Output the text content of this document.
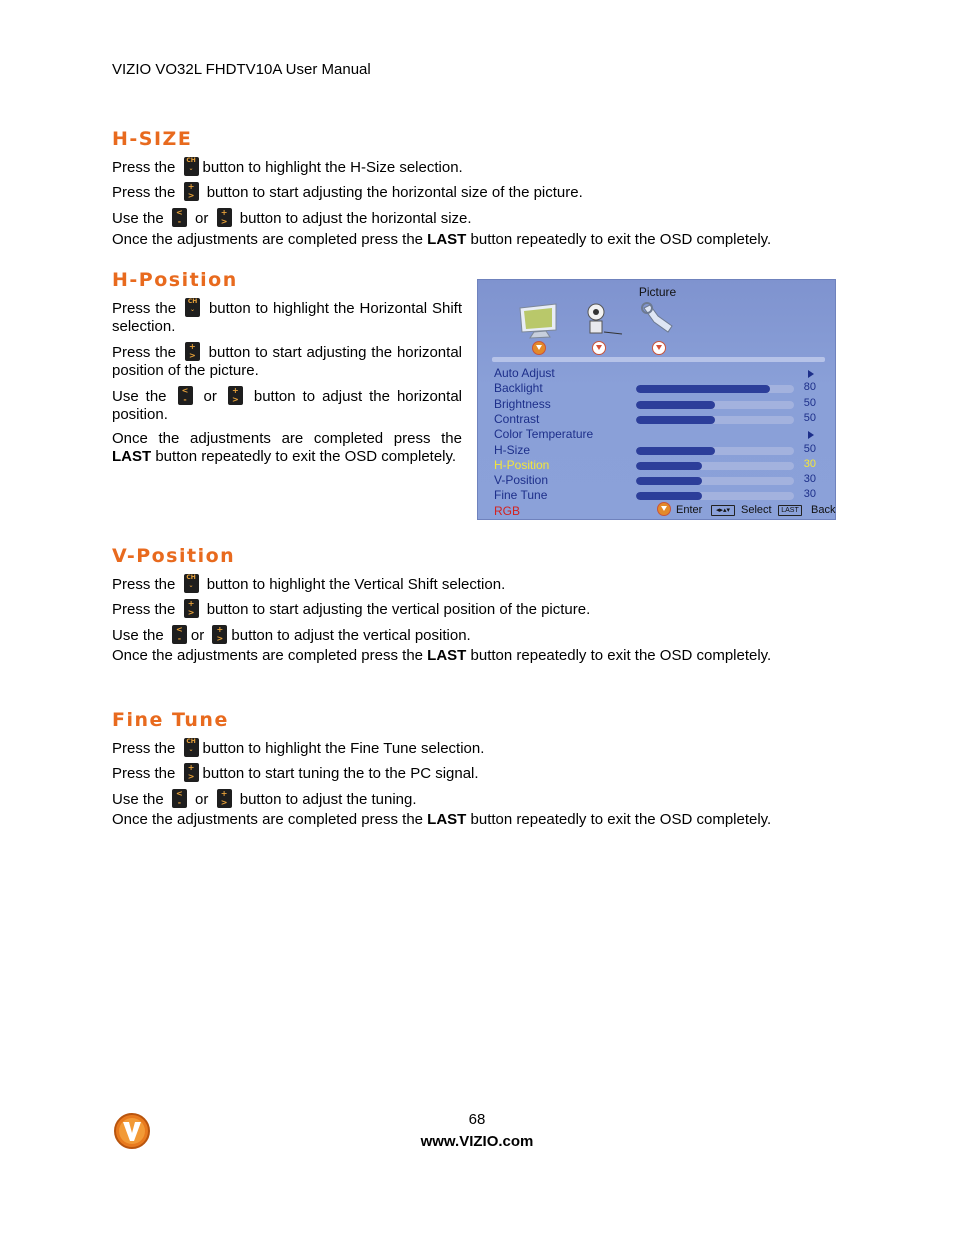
VIZIO VO32L FHDTV10A User Manual
H-SIZE
Press the	CH
⌄ button to highlight the H-Size selection.
Press the	+
> button to start adjusting the horizontal size of the picture.
Use the	<
- or	+
> button to adjust the horizontal size.
Once the adjustments are completed press the LAST button repeatedly to exit the OSD completely.
H-Position

Press the	CH
⌄ button to highlight the Horizontal Shift selection.

Press the	+
> button to start adjusting the horizontal position of the picture.

Use the	<
-	or	+
> button to adjust the horizontal position.

Once the adjustments are completed press the LAST button repeatedly to exit the OSD completely.

Picture
Auto Adjust
Backlight	80
Brightness	50
Contrast	50
Color Temperature
H-Size	50
H-Position	30
V-Position	30
Fine Tune	30
RGB	Enter	◂▸▴▾ Select	LAST Back
V-Position
Press the	CH
⌄ button to highlight the Vertical Shift selection.
Press the	+
> button to start adjusting the vertical position of the picture.
Use the	<
- or	+
> button to adjust the vertical position.
Once the adjustments are completed press the LAST button repeatedly to exit the OSD completely.
Fine Tune
Press the	CH
⌄ button to highlight the Fine Tune selection.
Press the	+
> button to start tuning the to the PC signal.
Use the	<
- or	+
> button to adjust the tuning.
Once the adjustments are completed press the LAST button repeatedly to exit the OSD completely.
68
www.VIZIO.com
